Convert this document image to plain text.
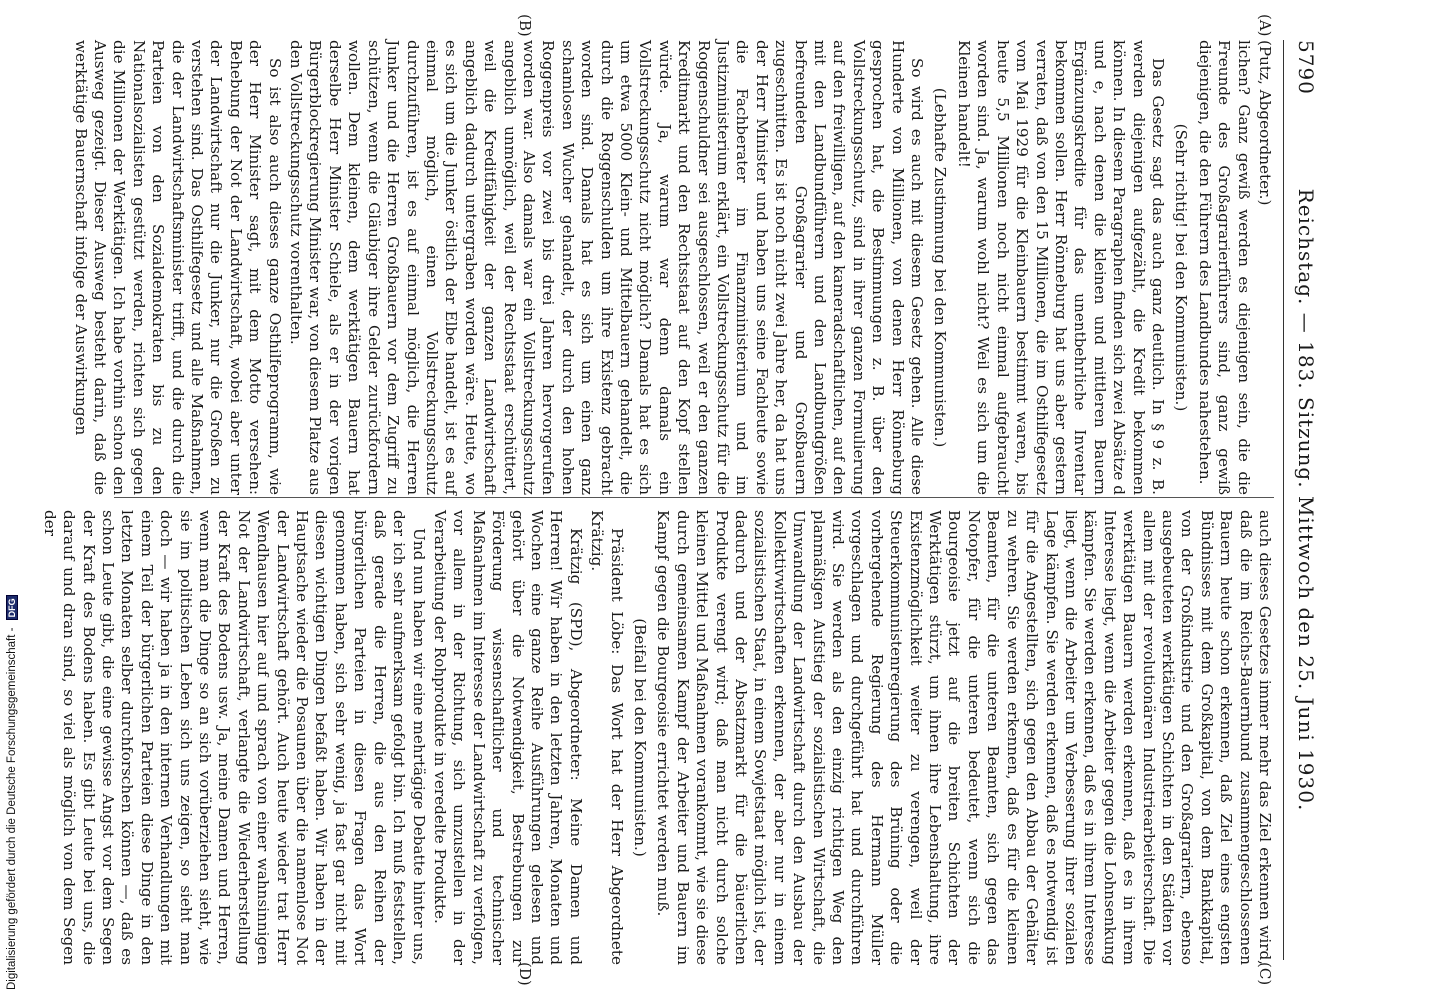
5790
Reichstag. — 183. Sitzung. Mittwoch den 25. Juni 1930.
(A)
(B)
(C)
(D)

(Putz, Abgeordneter.)

lichen? Ganz gewiß werden es diejenigen sein, die die Freunde des Großagrarierführers sind, ganz gewiß diejenigen, die den Führern des Landbundes nahestehen.

(Sehr richtig! bei den Kommunisten.)

Das Gesetz sagt das auch ganz deutlich. In § 9 z. B. werden diejenigen aufgezählt, die Kredit bekommen können. In diesem Paragraphen finden sich zwei Absätze d und e, nach denen die kleinen und mittleren Bauern Ergänzungskredite für das unentbehrliche Inventar bekommen sollen. Herr Rönneburg hat uns aber gestern verraten, daß von den 15 Millionen, die im Osthilfegesetz vom Mai 1929 für die Kleinbauern bestimmt waren, bis heute 5,5 Millionen noch nicht einmal aufgebraucht worden sind. Ja, warum wohl nicht? Weil es sich um die Kleinen handelt!

(Lebhafte Zustimmung bei den Kommunisten.)

So wird es auch mit diesem Gesetz gehen. Alle diese Hunderte von Millionen, von denen Herr Rönneburg gesprochen hat, die Bestimmungen z. B. über den Vollstreckungsschutz, sind in ihrer ganzen Formulierung auf den freiwilligen, auf den kameradschaftlichen, auf den mit den Landbundführern und den Landbundgrößen befreundeten Großagrarier und Großbauern zugeschnitten. Es ist noch nicht zwei Jahre her, da hat uns der Herr Minister und haben uns seine Fachleute sowie die Fachberater im Finanzministerium und im Justizministerium erklärt, ein Vollstreckungsschutz für die Roggenschuldner sei ausgeschlossen, weil er den ganzen Kreditmarkt und den Rechtsstaat auf den Kopf stellen würde. Ja, warum war denn damals ein Vollstreckungsschutz nicht möglich? Damals hat es sich um etwa 5000 Klein- und Mittelbauern gehandelt, die durch die Roggenschulden um ihre Existenz gebracht worden sind. Damals hat es sich um einen ganz schamlosen Wucher gehandelt, der durch den hohen Roggenpreis vor zwei bis drei Jahren hervorgerufen worden war. Also damals war ein Vollstreckungsschutz angeblich unmöglich, weil der Rechtsstaat erschüttert, weil die Kreditfähigkeit der ganzen Landwirtschaft angeblich dadurch untergraben worden wäre. Heute, wo es sich um die Junker östlich der Elbe handelt, ist es auf einmal möglich, einen Vollstreckungsschutz durchzuführen, ist es auf einmal möglich, die Herren Junker und die Herren Großbauern vor dem Zugriff zu schützen, wenn die Gläubiger ihre Gelder zurückfordern wollen. Dem kleinen, dem werktätigen Bauern hat derselbe Herr Minister Schiele, als er in der vorigen Bürgerblockregierung Minister war, von diesem Platze aus den Vollstreckungsschutz vorenthalten.

So ist also auch dieses ganze Osthilfeprogramm, wie der Herr Minister sagt, mit dem Motto versehen: Behebung der Not der Landwirtschaft, wobei aber unter der Landwirtschaft nur die Junker, nur die Großen zu verstehen sind. Das Osthilfegesetz und alle Maßnahmen, die der Landwirtschaftsminister trifft, und die durch die Parteien von den Sozialdemokraten bis zu den Nationalsozialisten gestützt werden, richten sich gegen die Millionen der Werktätigen. Ich habe vorhin schon den Ausweg gezeigt. Dieser Ausweg besteht darin, daß die werktätige Bauernschaft infolge der Auswirkungen

auch dieses Gesetzes immer mehr das Ziel erkennen wird, daß die im Reichs-Bauernbund zusammengeschlossenen Bauern heute schon erkennen, daß Ziel eines engsten Bündnisses mit dem Großkapital, von dem Bankkapital, von der Großindustrie und den Großagrariern, ebenso ausgebeuteten werktätigen Schichten in den Städten vor allem mit der revolutionären Industriearbeiterschaft. Die werktätigen Bauern werden erkennen, daß es in ihrem Interesse liegt, wenn die Arbeiter gegen die Lohnsenkung kämpfen. Sie werden erkennen, daß es in ihrem Interesse liegt, wenn die Arbeiter um Verbesserung ihrer sozialen Lage kämpfen. Sie werden erkennen, daß es notwendig ist für die Angestellten, sich gegen den Abbau der Gehälter zu wehren. Sie werden erkennen, daß es für die kleinen Beamten, für die unteren Beamten, sich gegen das Notopfer, für die unteren bedeutet, wenn sich die Bourgeoisie jetzt auf die breiten Schichten der Werktätigen stürzt, um ihnen ihre Lebenshaltung, ihre Existenzmöglichkeit weiter zu verengen, weil der Steuerkommunistenregierung des Brüning oder die vorhergehende Regierung des Hermann Müller vorgeschlagen und durchgeführt hat und durchführen wird. Sie werden als den einzig richtigen Weg den planmäßigen Aufstieg der sozialistischen Wirtschaft, die Umwandlung der Landwirtschaft durch den Ausbau der Kollektivwirtschaften erkennen, der aber nur in einem sozialistischen Staat, in einem Sowjetstaat möglich ist, der dadurch und der Absatzmarkt für die bäuerlichen Produkte verengt wird; daß man nicht durch solche kleinen Mittel und Maßnahmen vorankommt, wie sie diese durch gemeinsamen Kampf der Arbeiter und Bauern im Kampf gegen die Bourgeoisie errichtet werden muß.

(Beifall bei den Kommunisten.)

Präsident Löbe: Das Wort hat der Herr Abgeordnete Krätzig.

Krätzig (SPD), Abgeordneter: Meine Damen und Herren! Wir haben in den letzten Jahren, Monaten und Wochen eine ganze Reihe Ausführungen gelesen und gehört über die Notwendigkeit, Bestrebungen zur Förderung wissenschaftlicher und technischer Maßnahmen im Interesse der Landwirtschaft zu verfolgen, vor allem in der Richtung, sich umzustellen in der Verarbeitung der Rohprodukte in veredelte Produkte.

Und nun haben wir eine mehrtägige Debatte hinter uns, der ich sehr aufmerksam gefolgt bin. Ich muß feststellen, daß gerade die Herren, die aus den Reihen der bürgerlichen Parteien in diesen Fragen das Wort genommen haben, sich sehr wenig, ja fast gar nicht mit diesen wichtigen Dingen befaßt haben. Wir haben in der Hauptsache wieder die Posaunen über die namenlose Not der Landwirtschaft gehört. Auch heute wieder trat Herr Wendhausen hier auf und sprach von einer wahnsinnigen Not der Landwirtschaft, verlangte die Wiederherstellung der Kraft des Bodens usw. Ja, meine Damen und Herren, wenn man die Dinge so an sich vorüberziehen sieht, wie sie im politischen Leben sich uns zeigen, so sieht man doch — wir haben ja in den internen Verhandlungen mit einem Teil der bürgerlichen Parteien diese Dinge in den letzten Monaten selber durchforschen können —, daß es schon Leute gibt, die eine gewisse Angst vor dem Segen der Kraft des Bodens haben. Es gibt Leute bei uns, die darauf und dran sind, so viel als möglich von dem Segen der

Digitalisierung gefördert durch die Deutsche Forschungsgemeinschaft - DFG
